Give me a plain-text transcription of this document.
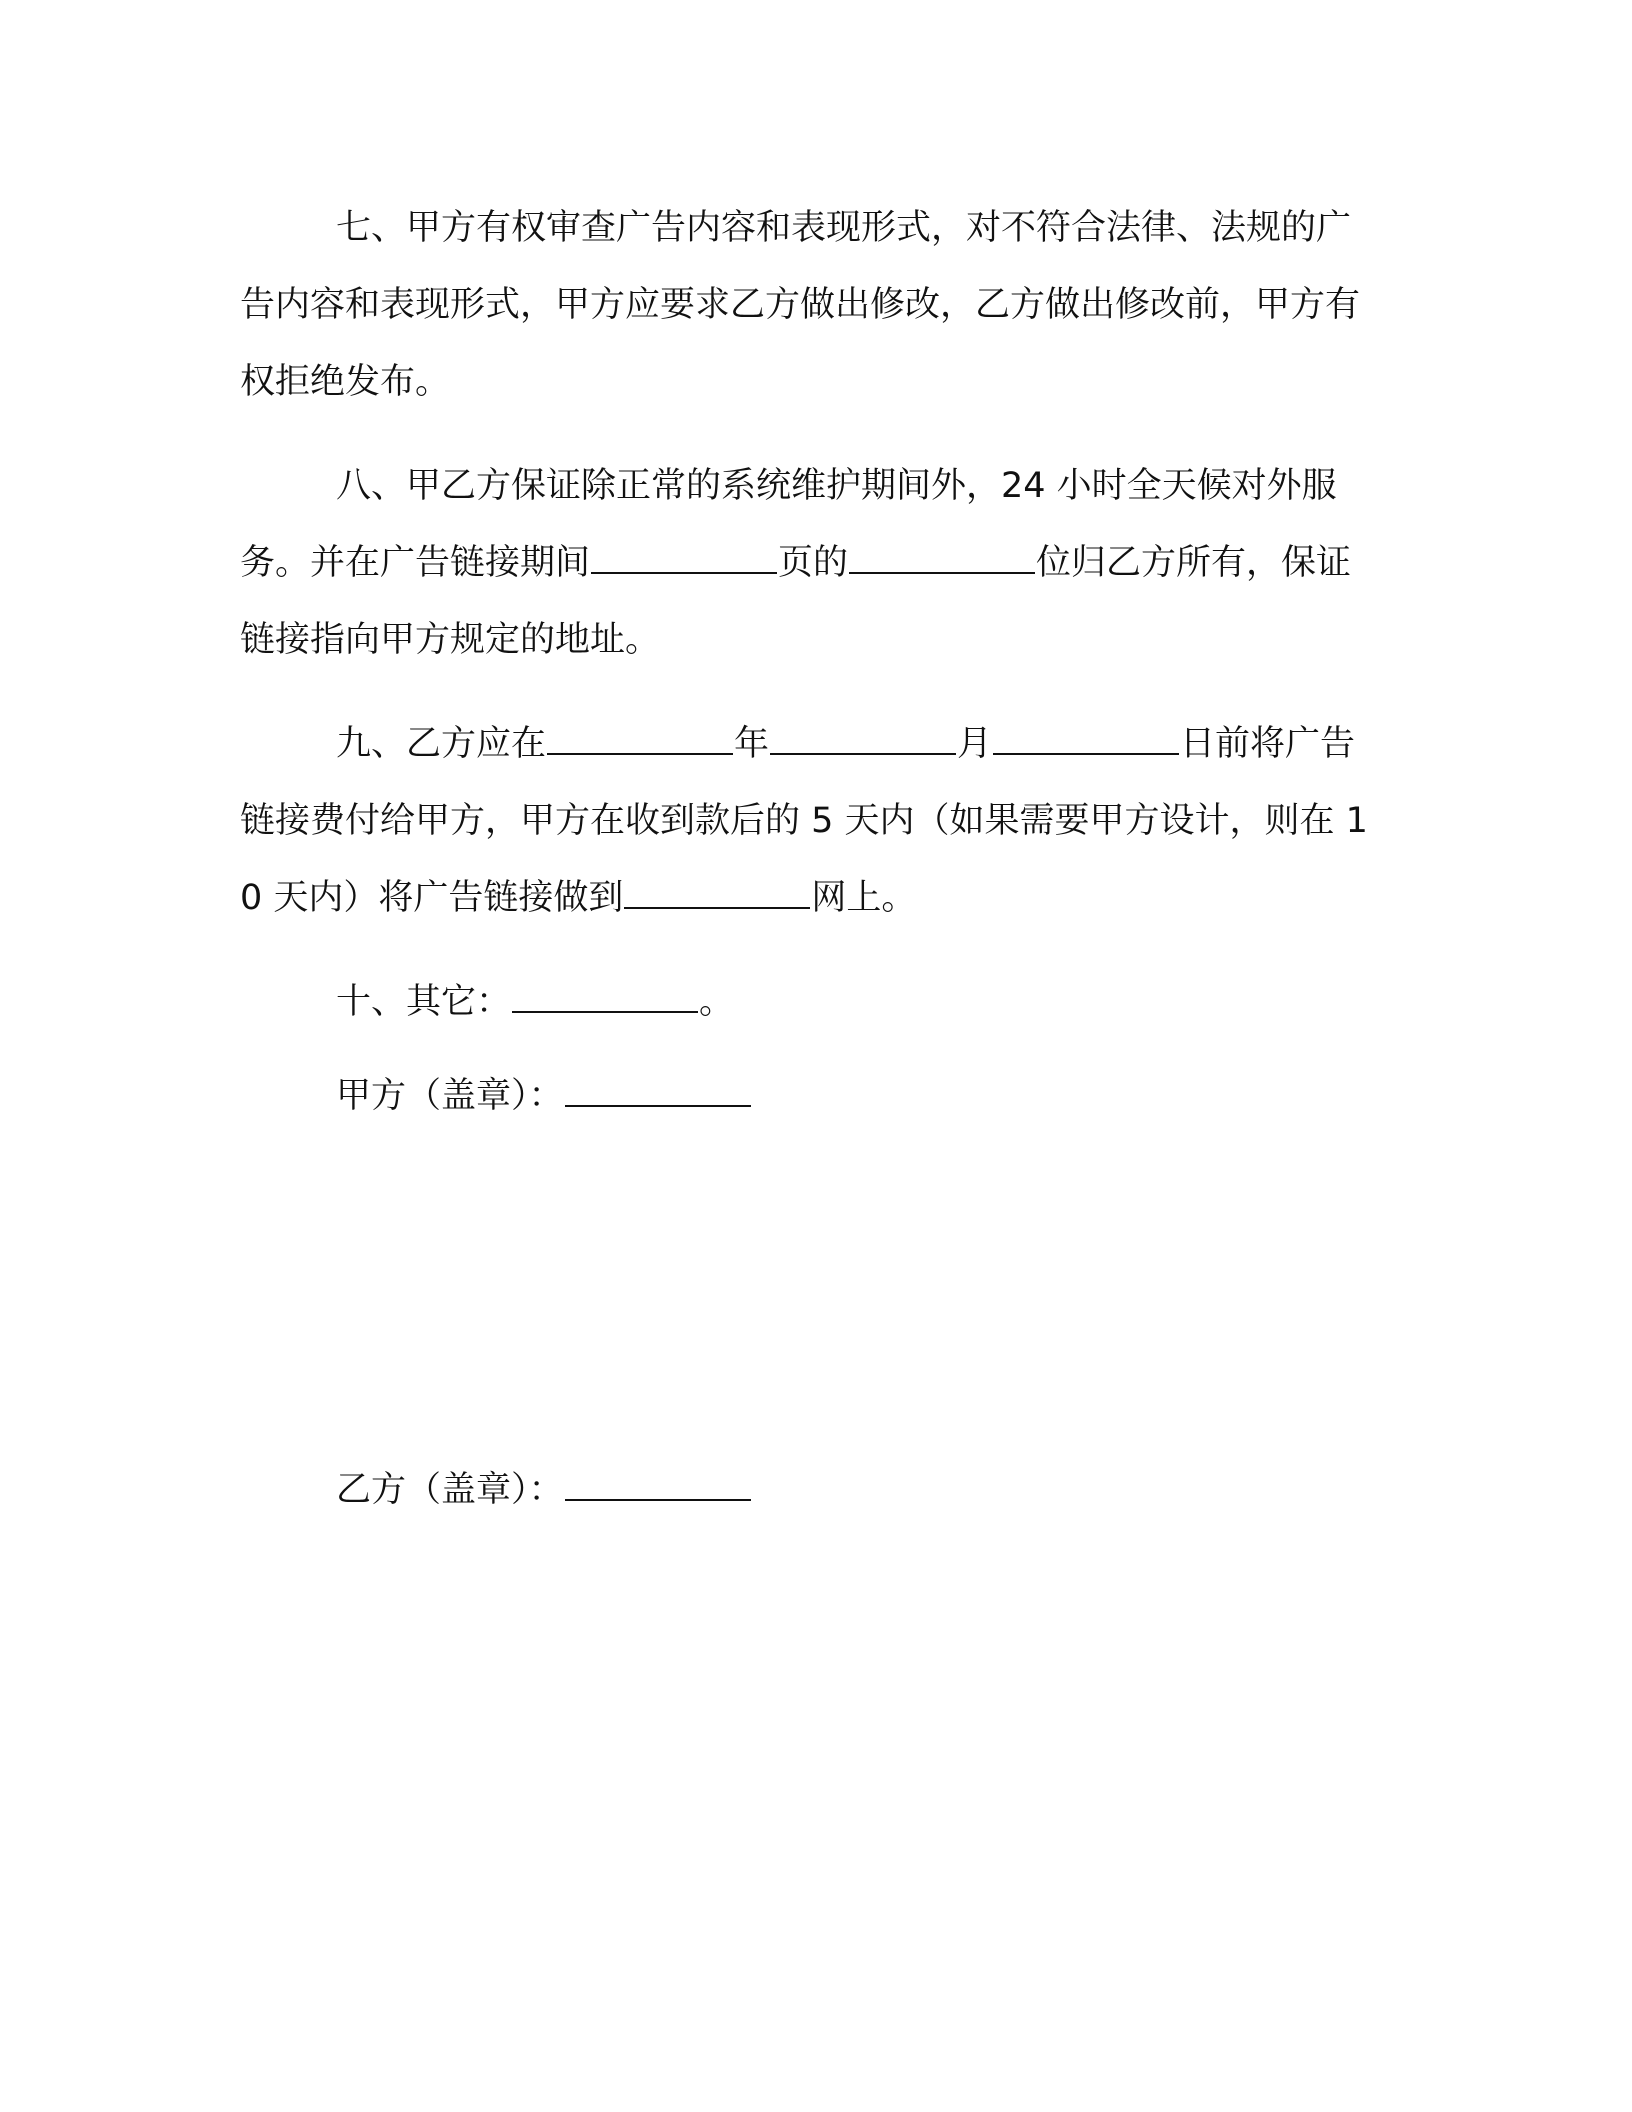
七、甲方有权审查广告内容和表现形式，对不符合法律、法规的广告内容和表现形式，甲方应要求乙方做出修改，乙方做出修改前，甲方有权拒绝发布。

八、甲乙方保证除正常的系统维护期间外，24 小时全天候对外服务。并在广告链接期间	页的	位归乙方所有，保证链接指向甲方规定的地址。

九、乙方应在	年	月	日前将广告链接费付给甲方，甲方在收到款后的 5 天内（如果需要甲方设计，则在 10 天内）将广告链接做到	网上。

十、其它：	。

甲方（盖章）：
乙方（盖章）：
